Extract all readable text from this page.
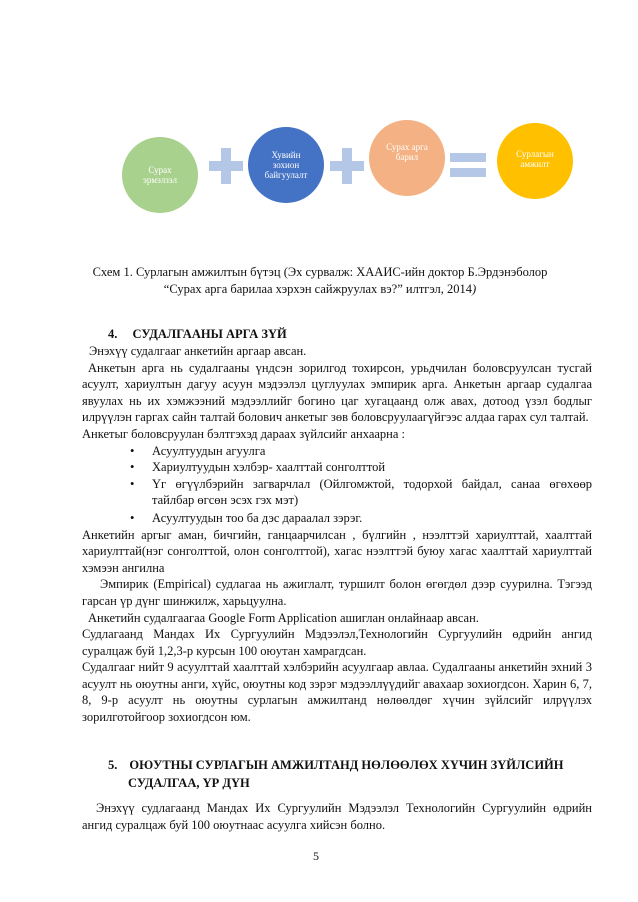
Сурах
эрмэлзэл
Хувийн
зохион
байгуулалт
Сурах арга
барил	Сурлагын
амжилт
Схем 1. Сурлагын амжилтын бүтэц (Эх сурвалж: ХААИС-ийн доктор Б.Эрдэнэболор
“Сурах арга барилаа хэрхэн сайжруулах вэ?” илтгэл, 2014)
4. СУДАЛГААНЫ АРГА ЗҮЙ
Энэхүү судалгааг анкетийн аргаар авсан.
Анкетын арга нь судалгааны үндсэн зорилгод тохирсон, урьдчилан боловсруулсан тусгай асуулт, хариултын дагуу асуун мэдээлэл цуглуулах эмпирик арга. Анкетын аргаар судалгаа явуулах нь их хэмжээний мэдээллийг богино цаг хугацаанд олж авах, дотоод үзэл бодлыг илрүүлэн гаргах сайн талтай болович анкетыг зөв боловсруулаагүйгээс алдаа гарах сул талтай.
Анкетыг боловсруулан бэлтгэхэд дараах зүйлсийг анхаарна :
• Асуултуудын агуулга
• Хариултуудын хэлбэр- хаалттай сонголттой
• Үг өгүүлбэрийн загварчлал (Ойлгомжтой, тодорхой байдал, санаа өгөхөөр тайлбар өгсөн эсэх гэх мэт)
• Асуултуудын тоо ба дэс дараалал зэрэг.
Анкетийн аргыг аман, бичгийн, ганцаарчилсан , бүлгийн , нээлттэй хариулттай, хаалттай хариулттай(нэг сонголттой, олон сонголттой), хагас нээлттэй буюу хагас хаалттай хариулттай хэмээн ангилна
Эмпирик (Empirical) судлагаа нь ажиглалт, туршилт болон өгөгдөл дээр суурилна. Тэгээд гарсан үр дүнг шинжилж, харьцуулна.
Анкетийн судалгаагаа Google Form Application ашиглан онлайнаар авсан.
Судлагаанд Мандах Их Сургуулийн Мэдээлэл,Технологийн Сургуулийн өдрийн ангид суралцаж буй 1,2,3-р курсын 100 оюутан хамрагдсан.
Судалгааг нийт 9 асуулттай хаалттай хэлбэрийн асуулгаар авлаа. Судалгааны анкетийн эхний 3 асуулт нь оюутны анги, хүйс, оюутны код зэрэг мэдээллүүдийг авахаар зохиогдсон. Харин 6, 7, 8, 9-р асуулт нь оюутны сурлагын амжилтанд нөлөөлдөг хүчин зүйлсийг илрүүлэх зорилготойгоор зохиогдсон юм.
5. ОЮУТНЫ СУРЛАГЫН АМЖИЛТАНД НӨЛӨӨЛӨХ ХҮЧИН ЗҮЙЛСИЙН
СУДАЛГАА, ҮР ДҮН
Энэхүү судлагаанд Мандах Их Сургуулийн Мэдээлэл Технологийн Сургуулийн өдрийн ангид суралцаж буй 100 оюутнаас асуулга хийсэн болно.
5
